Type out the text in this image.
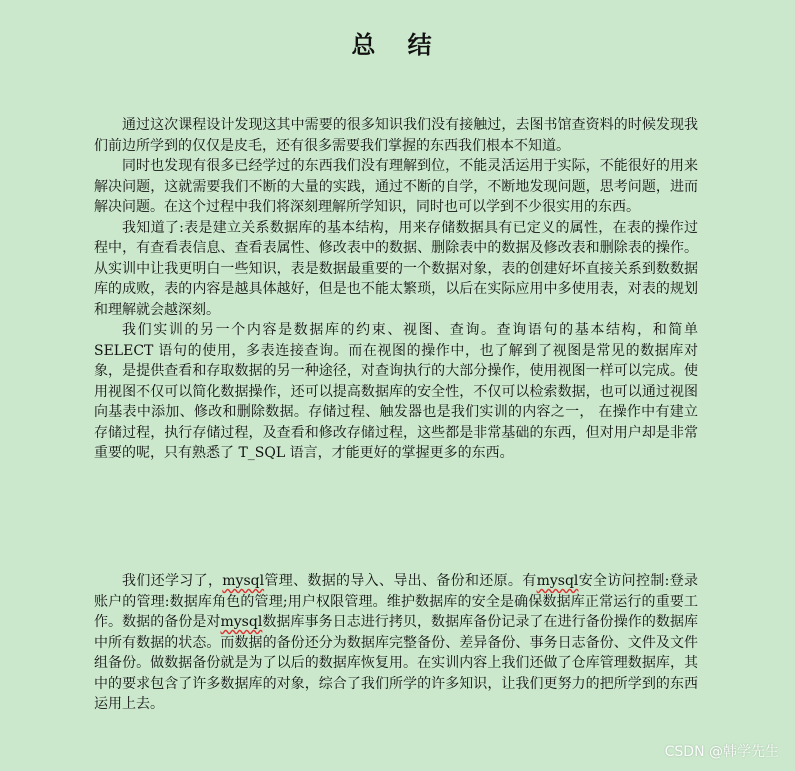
总 结

通过这次课程设计发现这其中需要的很多知识我们没有接触过，去图书馆查资料的时候发现我们前边所学到的仅仅是皮毛，还有很多需要我们掌握的东西我们根本不知道。

同时也发现有很多已经学过的东西我们没有理解到位，不能灵活运用于实际，不能很好的用来解决问题，这就需要我们不断的大量的实践，通过不断的自学，不断地发现问题，思考问题，进而解决问题。在这个过程中我们将深刻理解所学知识，同时也可以学到不少很实用的东西。

我知道了:表是建立关系数据库的基本结构，用来存储数据具有已定义的属性，在表的操作过程中，有查看表信息、查看表属性、修改表中的数据、删除表中的数据及修改表和删除表的操作。从实训中让我更明白一些知识，表是数据最重要的一个数据对象，表的创建好坏直接关系到数数据库的成败，表的内容是越具体越好，但是也不能太繁琐，以后在实际应用中多使用表，对表的规划和理解就会越深刻。

我们实训的另一个内容是数据库的约束、视图、查询。查询语句的基本结构，和简单 SELECT 语句的使用，多表连接查询。而在视图的操作中，也了解到了视图是常见的数据库对象，是提供查看和存取数据的另一种途径，对查询执行的大部分操作，使用视图一样可以完成。使用视图不仅可以简化数据操作，还可以提高数据库的安全性，不仅可以检索数据，也可以通过视图向基表中添加、修改和删除数据。存储过程、触发器也是我们实训的内容之一， 在操作中有建立存储过程，执行存储过程，及查看和修改存储过程，这些都是非常基础的东西，但对用户却是非常重要的呢，只有熟悉了 T_SQL 语言，才能更好的掌握更多的东西。

我们还学习了，mysql管理、数据的导入、导出、备份和还原。有mysql安全访问控制:登录账户的管理:数据库角色的管理;用户权限管理。维护数据库的安全是确保数据库正常运行的重要工作。数据的备份是对mysql数据库事务日志进行拷贝，数据库备份记录了在进行备份操作的数据库中所有数据的状态。而数据的备份还分为数据库完整备份、差异备份、事务日志备份、文件及文件组备份。做数据备份就是为了以后的数据库恢复用。在实训内容上我们还做了仓库管理数据库，其中的要求包含了许多数据库的对象，综合了我们所学的许多知识，让我们更努力的把所学到的东西运用上去。

CSDN @韩学先生
